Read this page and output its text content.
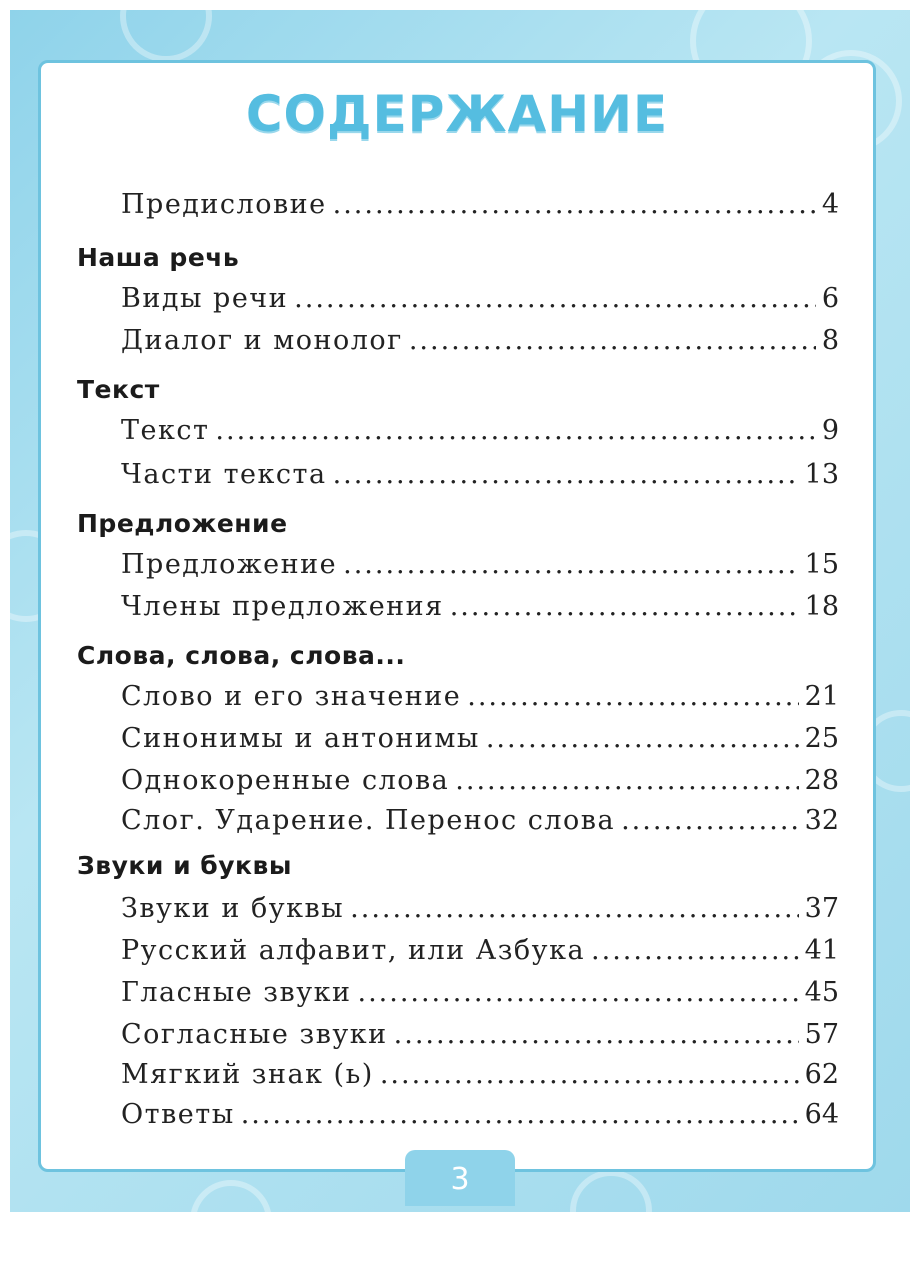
СОДЕРЖАНИЕ
Наша речь
Текст
Предложение
Слова, слова, слова...
Звуки и буквы
Предисловие .....	4
Виды речи .....	6
Диалог и монолог .....	8
Текст .....	9
Части текста .....	13
Предложение .....	15
Члены предложения .....	18
Слово и его значение .....	21
Синонимы и антонимы .....	25
Однокоренные слова .....	28
Слог. Ударение. Перенос слова .....	32
Звуки и буквы .....	37
Русский алфавит, или Азбука .....	41
Гласные звуки .....	45
Согласные звуки .....	57
Мягкий знак (ь) .....	62
Ответы .....	64
3
